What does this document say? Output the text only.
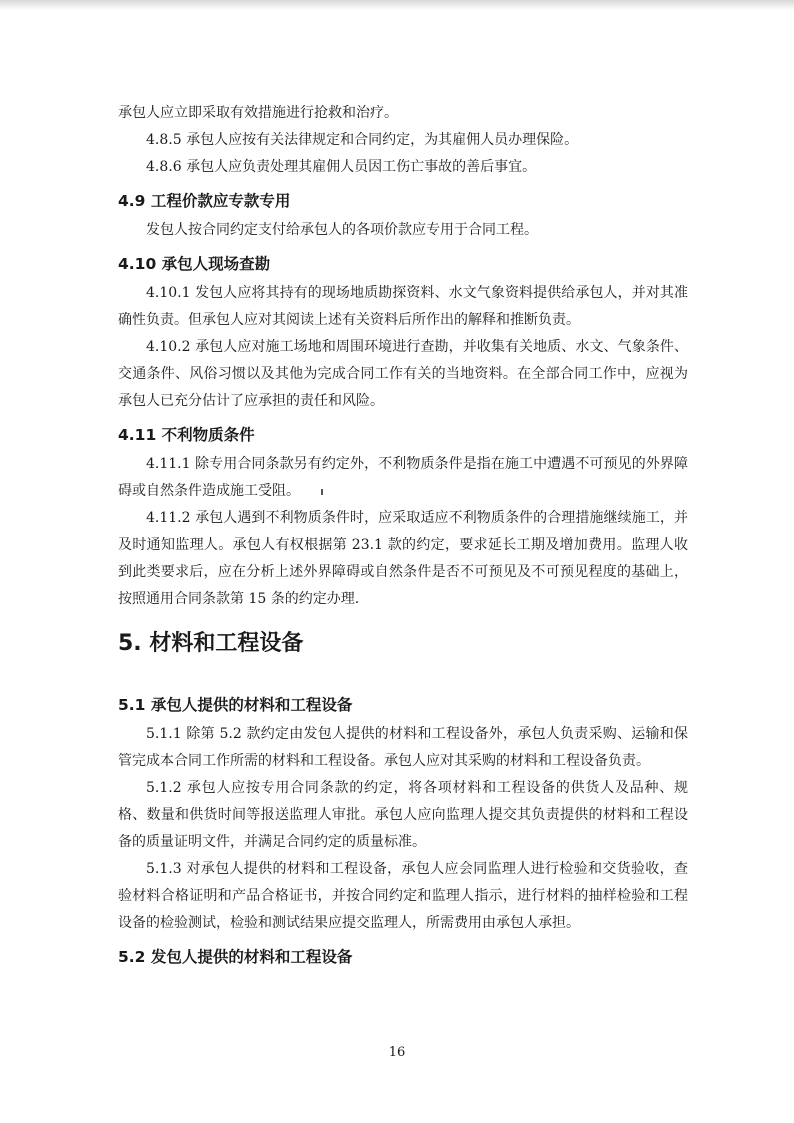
承包人应立即采取有效措施进行抢救和治疗。

4.8.5 承包人应按有关法律规定和合同约定，为其雇佣人员办理保险。

4.8.6 承包人应负责处理其雇佣人员因工伤亡事故的善后事宜。

4.9 工程价款应专款专用

发包人按合同约定支付给承包人的各项价款应专用于合同工程。

4.10 承包人现场查勘

4.10.1 发包人应将其持有的现场地质勘探资料、水文气象资料提供给承包人，并对其准确性负责。但承包人应对其阅读上述有关资料后所作出的解释和推断负责。

4.10.2 承包人应对施工场地和周围环境进行查勘，并收集有关地质、水文、气象条件、交通条件、风俗习惯以及其他为完成合同工作有关的当地资料。在全部合同工作中，应视为承包人已充分估计了应承担的责任和风险。

4.11 不利物质条件

4.11.1 除专用合同条款另有约定外，不利物质条件是指在施工中遭遇不可预见的外界障碍或自然条件造成施工受阻。

4.11.2 承包人遇到不利物质条件时，应采取适应不利物质条件的合理措施继续施工，并及时通知监理人。承包人有权根据第 23.1 款的约定，要求延长工期及增加费用。监理人收到此类要求后，应在分析上述外界障碍或自然条件是否不可预见及不可预见程度的基础上，按照通用合同条款第 15 条的约定办理.

5. 材料和工程设备
5.1 承包人提供的材料和工程设备

5.1.1 除第 5.2 款约定由发包人提供的材料和工程设备外，承包人负责采购、运输和保管完成本合同工作所需的材料和工程设备。承包人应对其采购的材料和工程设备负责。

5.1.2 承包人应按专用合同条款的约定，将各项材料和工程设备的供货人及品种、规格、数量和供货时间等报送监理人审批。承包人应向监理人提交其负责提供的材料和工程设备的质量证明文件，并满足合同约定的质量标准。

5.1.3 对承包人提供的材料和工程设备，承包人应会同监理人进行检验和交货验收，查验材料合格证明和产品合格证书，并按合同约定和监理人指示，进行材料的抽样检验和工程设备的检验测试，检验和测试结果应提交监理人，所需费用由承包人承担。

5.2 发包人提供的材料和工程设备
16
